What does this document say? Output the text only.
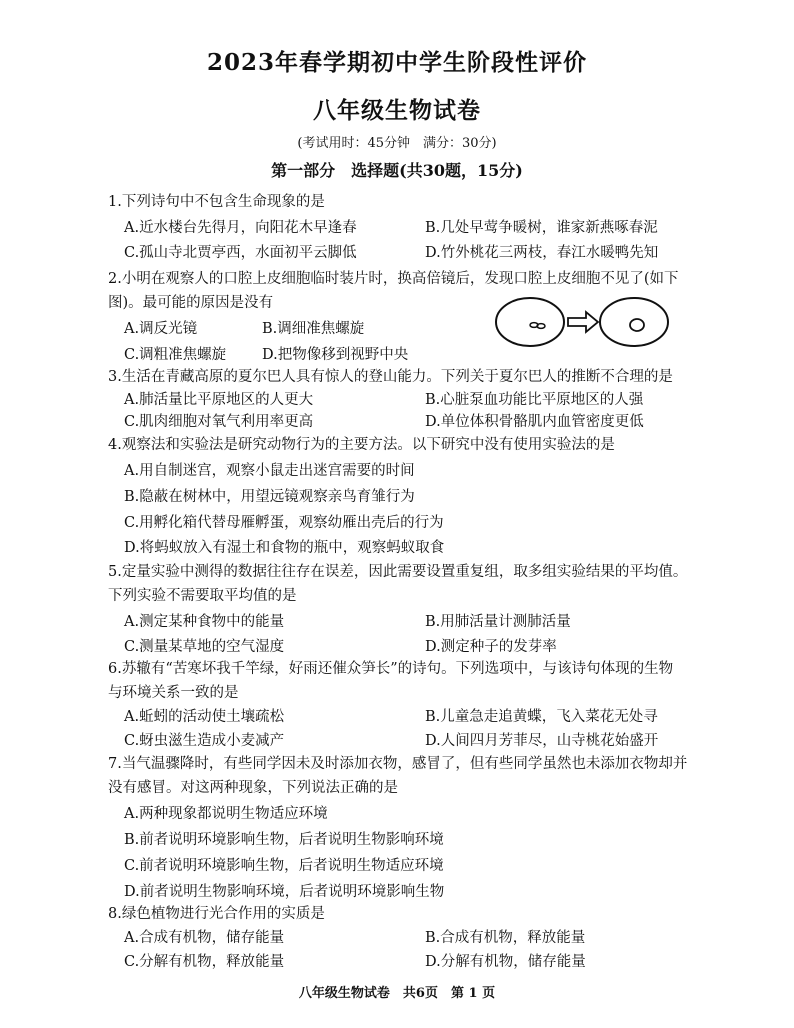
2023年春学期初中学生阶段性评价
八年级生物试卷
(考试用时：45分钟　满分：30分)
第一部分　选择题(共30题，15分)
1.下列诗句中不包含生命现象的是
A.近水楼台先得月，向阳花木早逢春	B.几处早莺争暖树，谁家新燕啄春泥
C.孤山寺北贾亭西，水面初平云脚低	D.竹外桃花三两枝，春江水暖鸭先知
2.小明在观察人的口腔上皮细胞临时装片时，换高倍镜后，发现口腔上皮细胞不见了(如下
图)。最可能的原因是没有
A.调反光镜	B.调细准焦螺旋
C.调粗准焦螺旋 D.把物像移到视野中央
3.生活在青藏高原的夏尔巴人具有惊人的登山能力。下列关于夏尔巴人的推断不合理的是
A.肺活量比平原地区的人更大	B.心脏泵血功能比平原地区的人强
C.肌肉细胞对氧气利用率更高	D.单位体积骨骼肌内血管密度更低
4.观察法和实验法是研究动物行为的主要方法。以下研究中没有使用实验法的是
A.用自制迷宫，观察小鼠走出迷宫需要的时间
B.隐蔽在树林中，用望远镜观察亲鸟育雏行为
C.用孵化箱代替母雁孵蛋，观察幼雁出壳后的行为
D.将蚂蚁放入有湿土和食物的瓶中，观察蚂蚁取食
5.定量实验中测得的数据往往存在误差，因此需要设置重复组，取多组实验结果的平均值。
下列实验不需要取平均值的是
A.测定某种食物中的能量	B.用肺活量计测肺活量
C.测量某草地的空气湿度	D.测定种子的发芽率
6.苏辙有“苦寒坏我千竿绿，好雨还催众笋长”的诗句。下列选项中，与该诗句体现的生物
与环境关系一致的是
A.蚯蚓的活动使土壤疏松	B.儿童急走追黄蝶，飞入菜花无处寻
C.蚜虫滋生造成小麦减产	D.人间四月芳菲尽，山寺桃花始盛开
7.当气温骤降时，有些同学因未及时添加衣物，感冒了，但有些同学虽然也未添加衣物却并
没有感冒。对这两种现象，下列说法正确的是
A.两种现象都说明生物适应环境
B.前者说明环境影响生物，后者说明生物影响环境
C.前者说明环境影响生物，后者说明生物适应环境
D.前者说明生物影响环境，后者说明环境影响生物
8.绿色植物进行光合作用的实质是
A.合成有机物，储存能量	B.合成有机物，释放能量
C.分解有机物，释放能量	D.分解有机物，储存能量
八年级生物试卷　共6页　第 1 页
